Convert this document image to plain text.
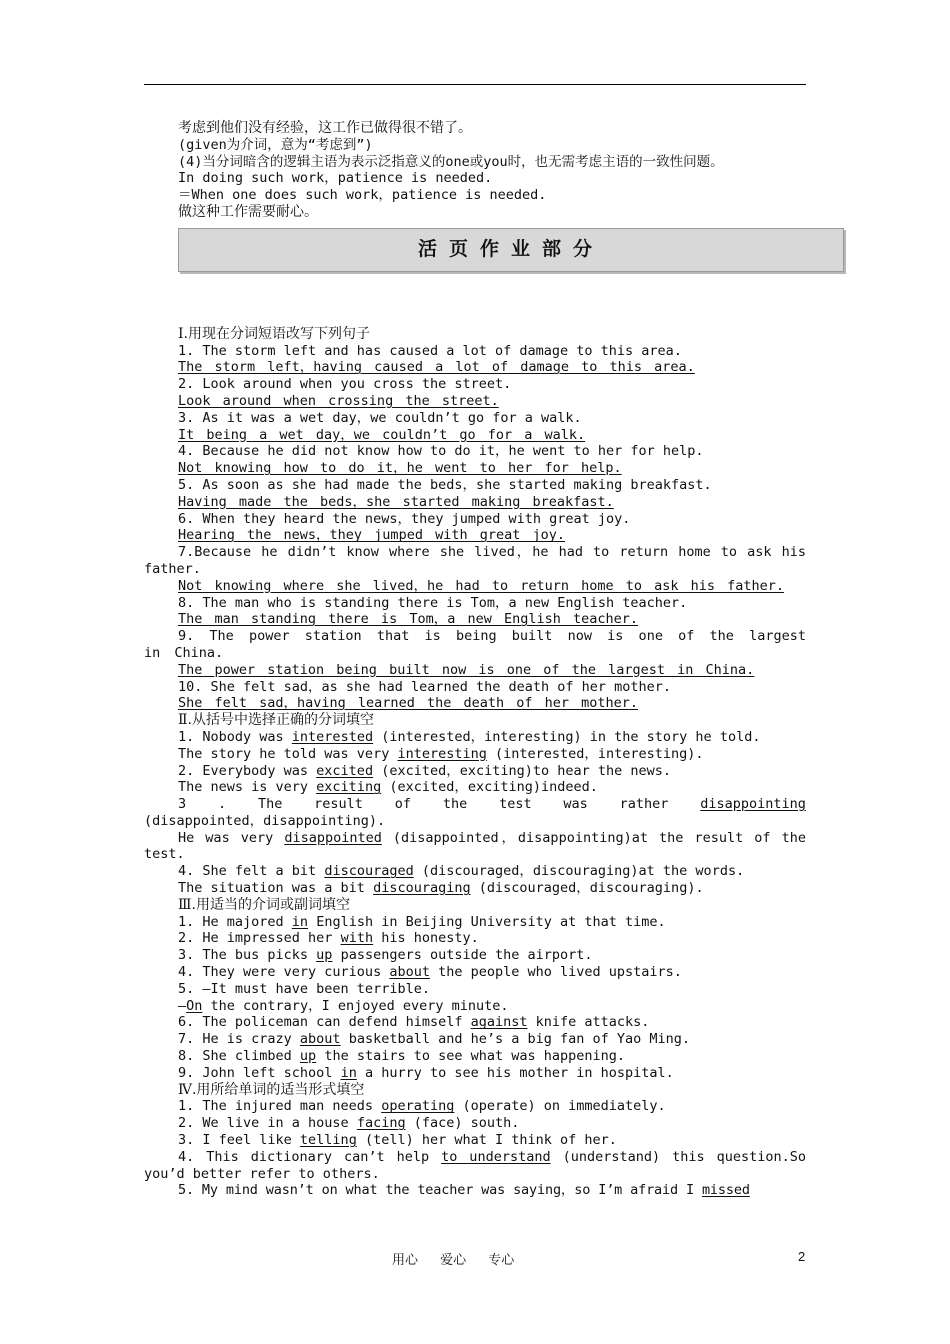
考虑到他们没有经验，这工作已做得很不错了。
(given为介词，意为“考虑到”)
(4)当分词暗含的逻辑主语为表示泛指意义的one或you时，也无需考虑主语的一致性问题。
In doing such work，patience is needed.
＝When one does such work，patience is needed.
做这种工作需要耐心。
活页作业部分
Ⅰ.用现在分词短语改写下列句子
1. The storm left and has caused a lot of damage to this area.
The storm left，having caused a lot of damage to this area.
2. Look around when you cross the street.
Look around when crossing the street.
3. As it was a wet day，we couldn’t go for a walk.
It being a wet day，we couldn’t go for a walk.
4. Because he did not know how to do it，he went to her for help.
Not knowing how to do it，he went to her for help.
5. As soon as she had made the beds，she started making breakfast.
Having made the beds，she started making breakfast.
6. When they heard the news，they jumped with great joy.
Hearing the news，they jumped with great joy.
7.Because he didn’t know where she lived，he had to return home to ask his father.
Not knowing where she lived，he had to return home to ask his father.
8. The man who is standing there is Tom，a new English teacher.
The man standing there is Tom，a new English teacher.
9. The power station that is being built now is one of the largest in China.
The power station being built now is one of the largest in China.
10. She felt sad，as she had learned the death of her mother.
She felt sad，having learned the death of her mother.
Ⅱ.从括号中选择正确的分词填空
1. Nobody was interested (interested，interesting) in the story he told.
The story he told was very interesting (interested，interesting).
2. Everybody was excited (excited，exciting)to hear the news.
The news is very exciting (excited，exciting)indeed.
3 . The result of the test was rather disappointing
(disappointed，disappointing).
He was very disappointed (disappointed，disappointing)at the result of the test.
4. She felt a bit discouraged (discouraged，discouraging)at the words.
The situation was a bit discouraging (discouraged，discouraging).
Ⅲ.用适当的介词或副词填空
1. He majored in English in Beijing University at that time.
2. He impressed her with his honesty.
3. The bus picks up passengers outside the airport.
4. They were very curious about the people who lived upstairs.
5. —It must have been terrible.
—On the contrary，I enjoyed every minute.
6. The policeman can defend himself against knife attacks.
7. He is crazy about basketball and he’s a big fan of Yao Ming.
8. She climbed up the stairs to see what was happening.
9. John left school in a hurry to see his mother in hospital.
Ⅳ.用所给单词的适当形式填空
1. The injured man needs operating (operate) on immediately.
2. We live in a house facing (face) south.
3. I feel like telling (tell) her what I think of her.
4. This dictionary can’t help to understand (understand) this question.So you’d better refer to others.
5. My mind wasn’t on what the teacher was saying，so I’m afraid I missed
用心 爱心 专心	2
